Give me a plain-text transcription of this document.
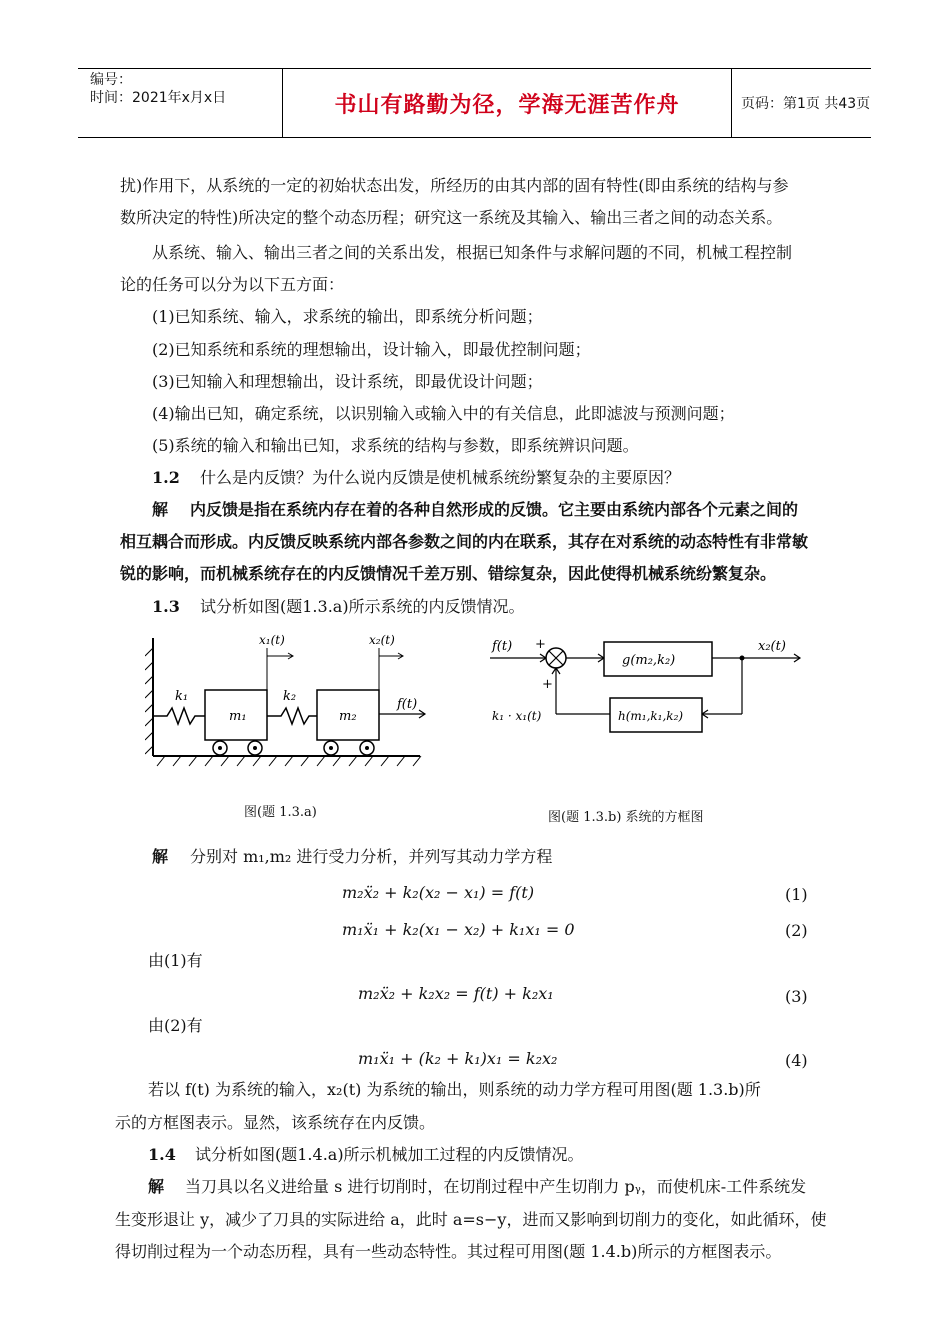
编号：
时间：2021年x月x日	书山有路勤为径，学海无涯苦作舟	页码：第1页 共43页
扰)作用下，从系统的一定的初始状态出发，所经历的由其内部的固有特性(即由系统的结构与参
数所决定的特性)所决定的整个动态历程；研究这一系统及其输入、输出三者之间的动态关系。
从系统、输入、输出三者之间的关系出发，根据已知条件与求解问题的不同，机械工程控制
论的任务可以分为以下五方面：
(1)已知系统、输入，求系统的输出，即系统分析问题；
(2)已知系统和系统的理想输出，设计输入，即最优控制问题；
(3)已知输入和理想输出，设计系统，即最优设计问题；
(4)输出已知，确定系统，以识别输入或输入中的有关信息，此即滤波与预测问题；
(5)系统的输入和输出已知，求系统的结构与参数，即系统辨识问题。
1.2 什么是内反馈？为什么说内反馈是使机械系统纷繁复杂的主要原因？
解 内反馈是指在系统内存在着的各种自然形成的反馈。它主要由系统内部各个元素之间的
相互耦合而形成。内反馈反映系统内部各参数之间的内在联系，其存在对系统的动态特性有非常敏
锐的影响，而机械系统存在的内反馈情况千差万别、错综复杂，因此使得机械系统纷繁复杂。
1.3 试分析如图(题1.3.a)所示系统的内反馈情况。
k₁
m₁
k₂
m₂
f(t)
x₁(t)	x₂(t)	f(t) +
g(m₂,k₂)
x₂(t)
h(m₁,k₁,k₂)
+
k₁ · x₁(t)
图(题 1.3.a)	图(题 1.3.b) 系统的方框图
解 分别对 m₁,m₂ 进行受力分析，并列写其动力学方程
m₂ẍ₂ + k₂(x₂ − x₁) = f(t)	(1)
m₁ẍ₁ + k₂(x₁ − x₂) + k₁x₁ = 0	(2)
由(1)有
m₂ẍ₂ + k₂x₂ = f(t) + k₂x₁	(3)
由(2)有
m₁ẍ₁ + (k₂ + k₁)x₁ = k₂x₂	(4)
若以 f(t) 为系统的输入，x₂(t) 为系统的输出，则系统的动力学方程可用图(题 1.3.b)所
示的方框图表示。显然，该系统存在内反馈。
1.4 试分析如图(题1.4.a)所示机械加工过程的内反馈情况。
解 当刀具以名义进给量 s 进行切削时，在切削过程中产生切削力 pᵧ，而使机床-工件系统发
生变形退让 y，减少了刀具的实际进给 a，此时 a=s−y，进而又影响到切削力的变化，如此循环，使
得切削过程为一个动态历程，具有一些动态特性。其过程可用图(题 1.4.b)所示的方框图表示。
